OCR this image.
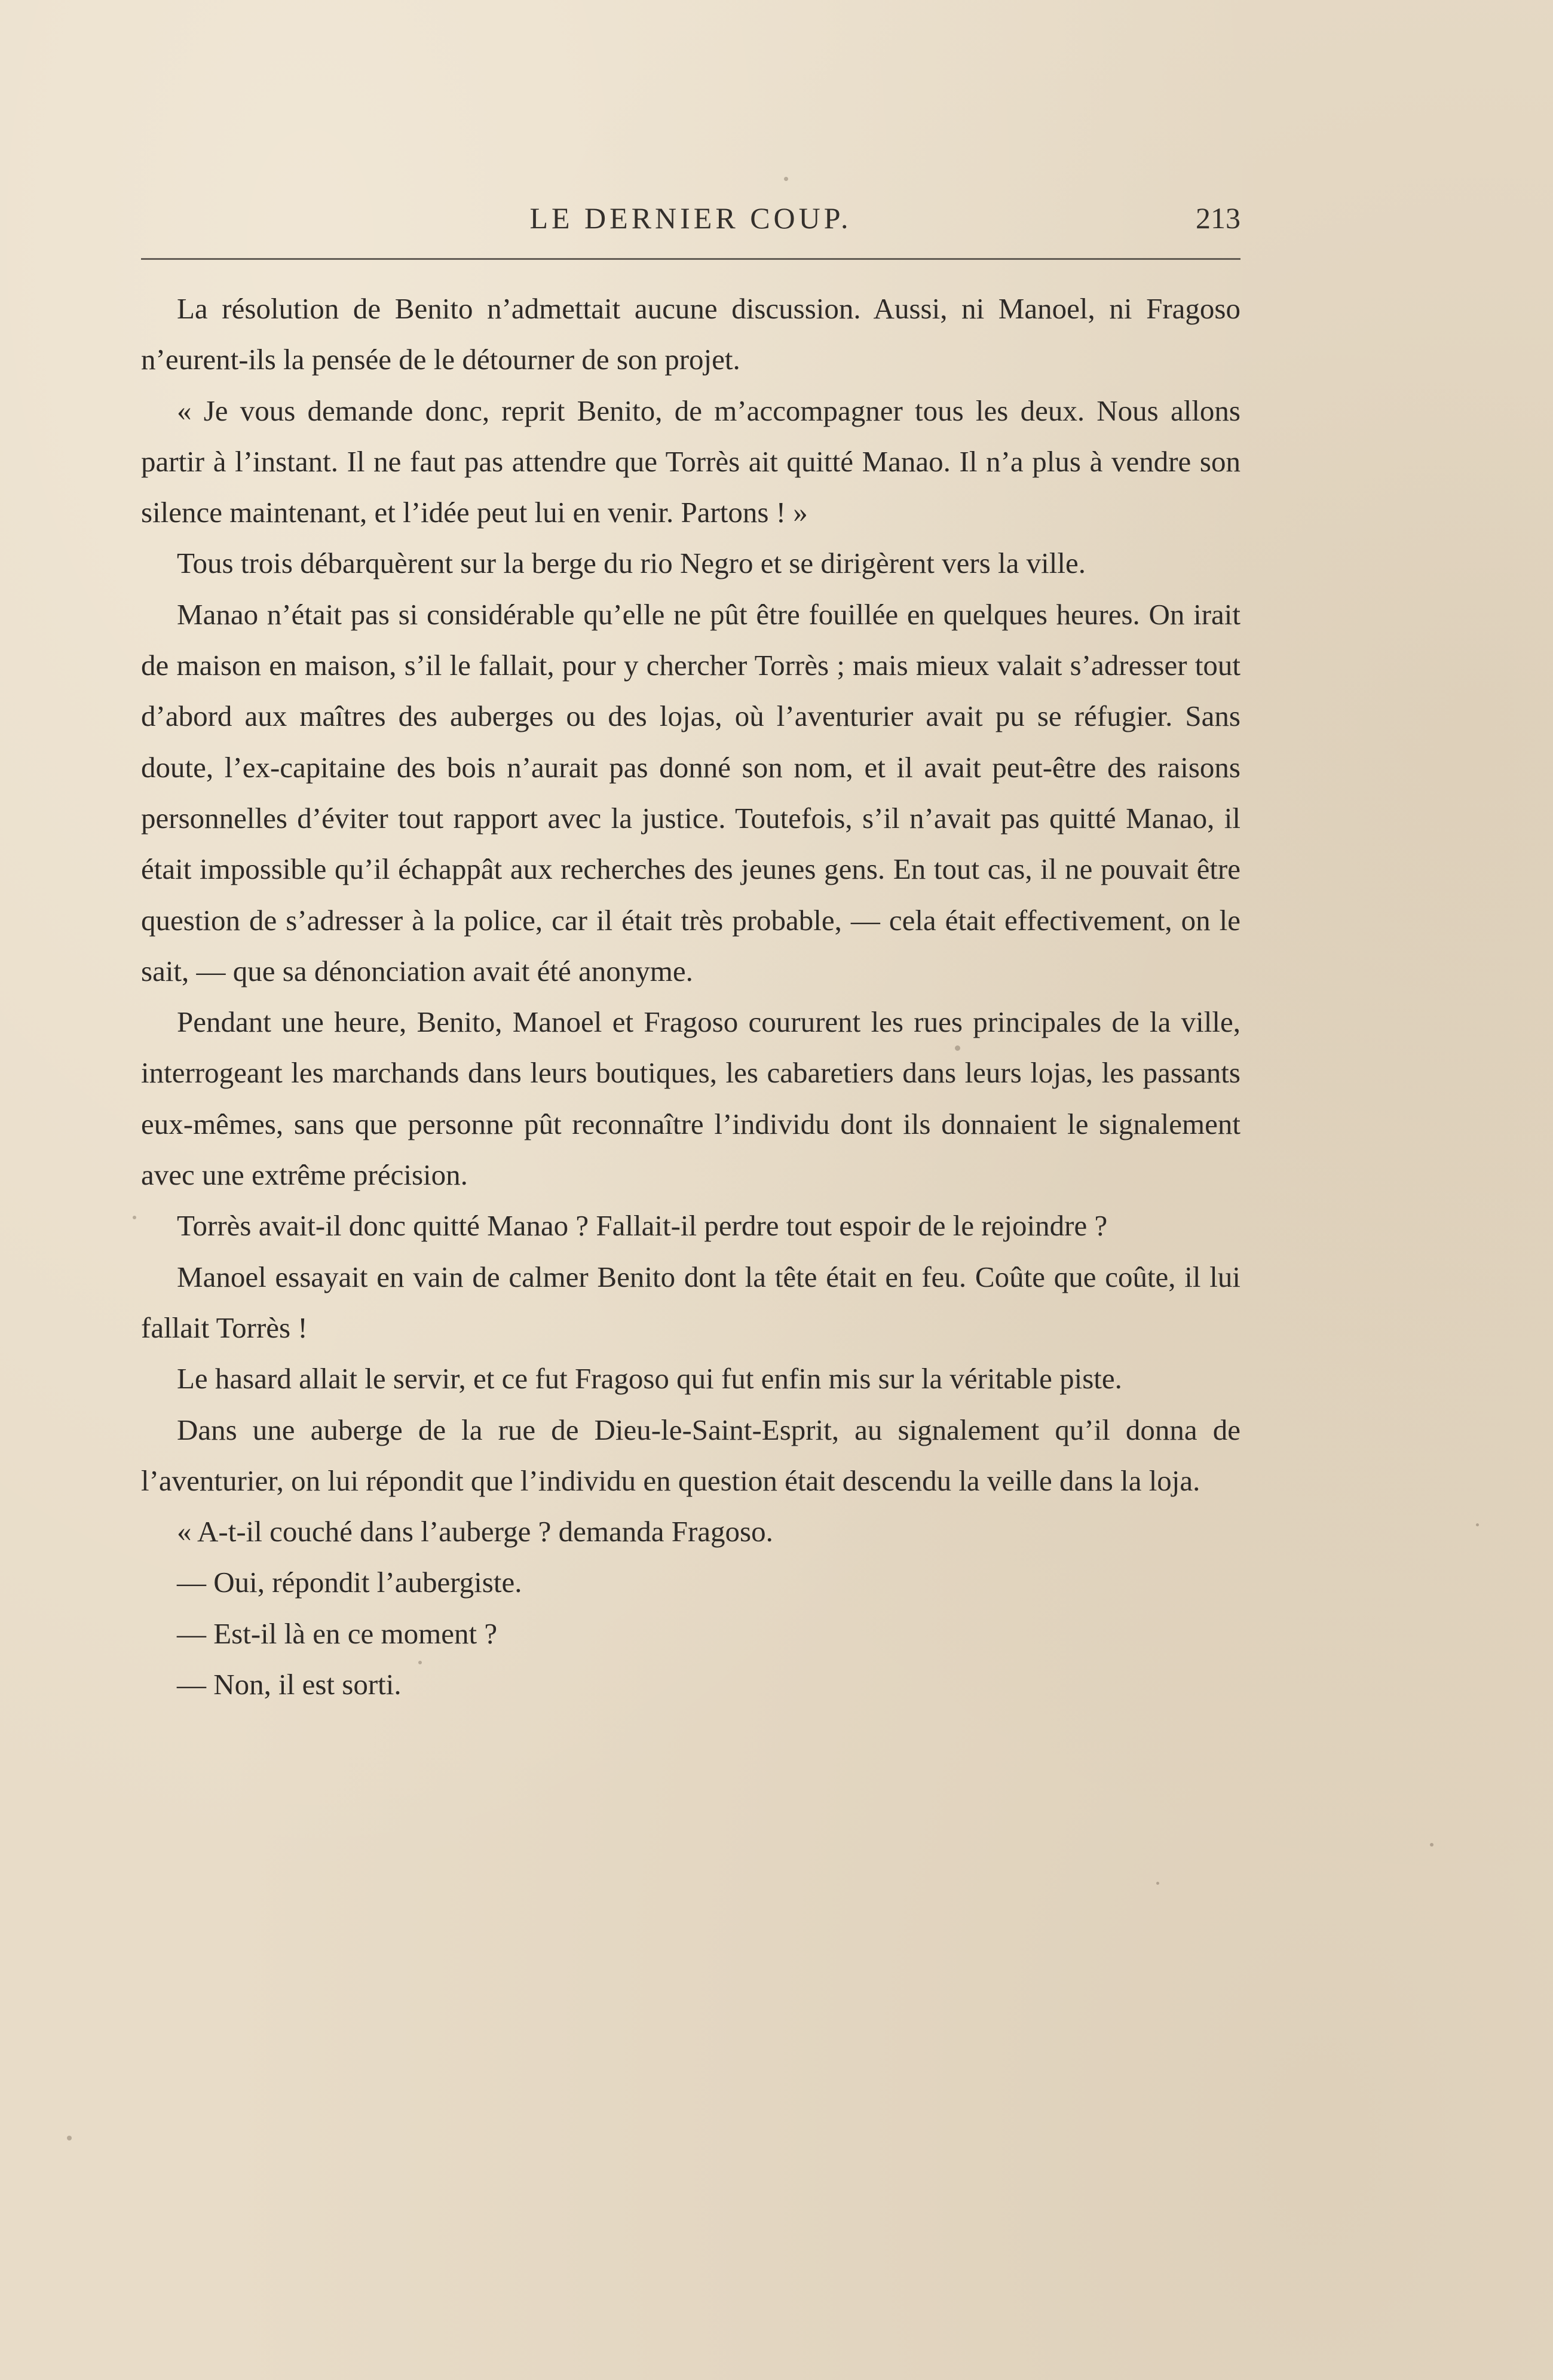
LE DERNIER COUP.	213

La résolution de Benito n’admettait aucune discussion. Aussi, ni Manoel, ni Fragoso n’eurent-ils la pensée de le détourner de son projet.

« Je vous demande donc, reprit Benito, de m’accompagner tous les deux. Nous allons partir à l’instant. Il ne faut pas attendre que Torrès ait quitté Manao. Il n’a plus à vendre son silence maintenant, et l’idée peut lui en venir. Partons ! »

Tous trois débarquèrent sur la berge du rio Negro et se dirigèrent vers la ville.

Manao n’était pas si considérable qu’elle ne pût être fouillée en quelques heures. On irait de maison en maison, s’il le fallait, pour y chercher Torrès ; mais mieux valait s’adresser tout d’abord aux maîtres des auberges ou des lojas, où l’aventurier avait pu se réfugier. Sans doute, l’ex-capitaine des bois n’aurait pas donné son nom, et il avait peut-être des raisons personnelles d’éviter tout rapport avec la justice. Toutefois, s’il n’avait pas quitté Manao, il était impossible qu’il échappât aux recherches des jeunes gens. En tout cas, il ne pouvait être question de s’adresser à la police, car il était très probable, — cela était effectivement, on le sait, — que sa dénonciation avait été anonyme.

Pendant une heure, Benito, Manoel et Fragoso coururent les rues principales de la ville, interrogeant les marchands dans leurs boutiques, les cabaretiers dans leurs lojas, les passants eux-mêmes, sans que personne pût reconnaître l’individu dont ils donnaient le signalement avec une extrême précision.

Torrès avait-il donc quitté Manao ? Fallait-il perdre tout espoir de le rejoindre ?

Manoel essayait en vain de calmer Benito dont la tête était en feu. Coûte que coûte, il lui fallait Torrès !

Le hasard allait le servir, et ce fut Fragoso qui fut enfin mis sur la véritable piste.

Dans une auberge de la rue de Dieu-le-Saint-Esprit, au signalement qu’il donna de l’aventurier, on lui répondit que l’individu en question était descendu la veille dans la loja.

« A-t-il couché dans l’auberge ? demanda Fragoso.

— Oui, répondit l’aubergiste.

— Est-il là en ce moment ?

— Non, il est sorti.
